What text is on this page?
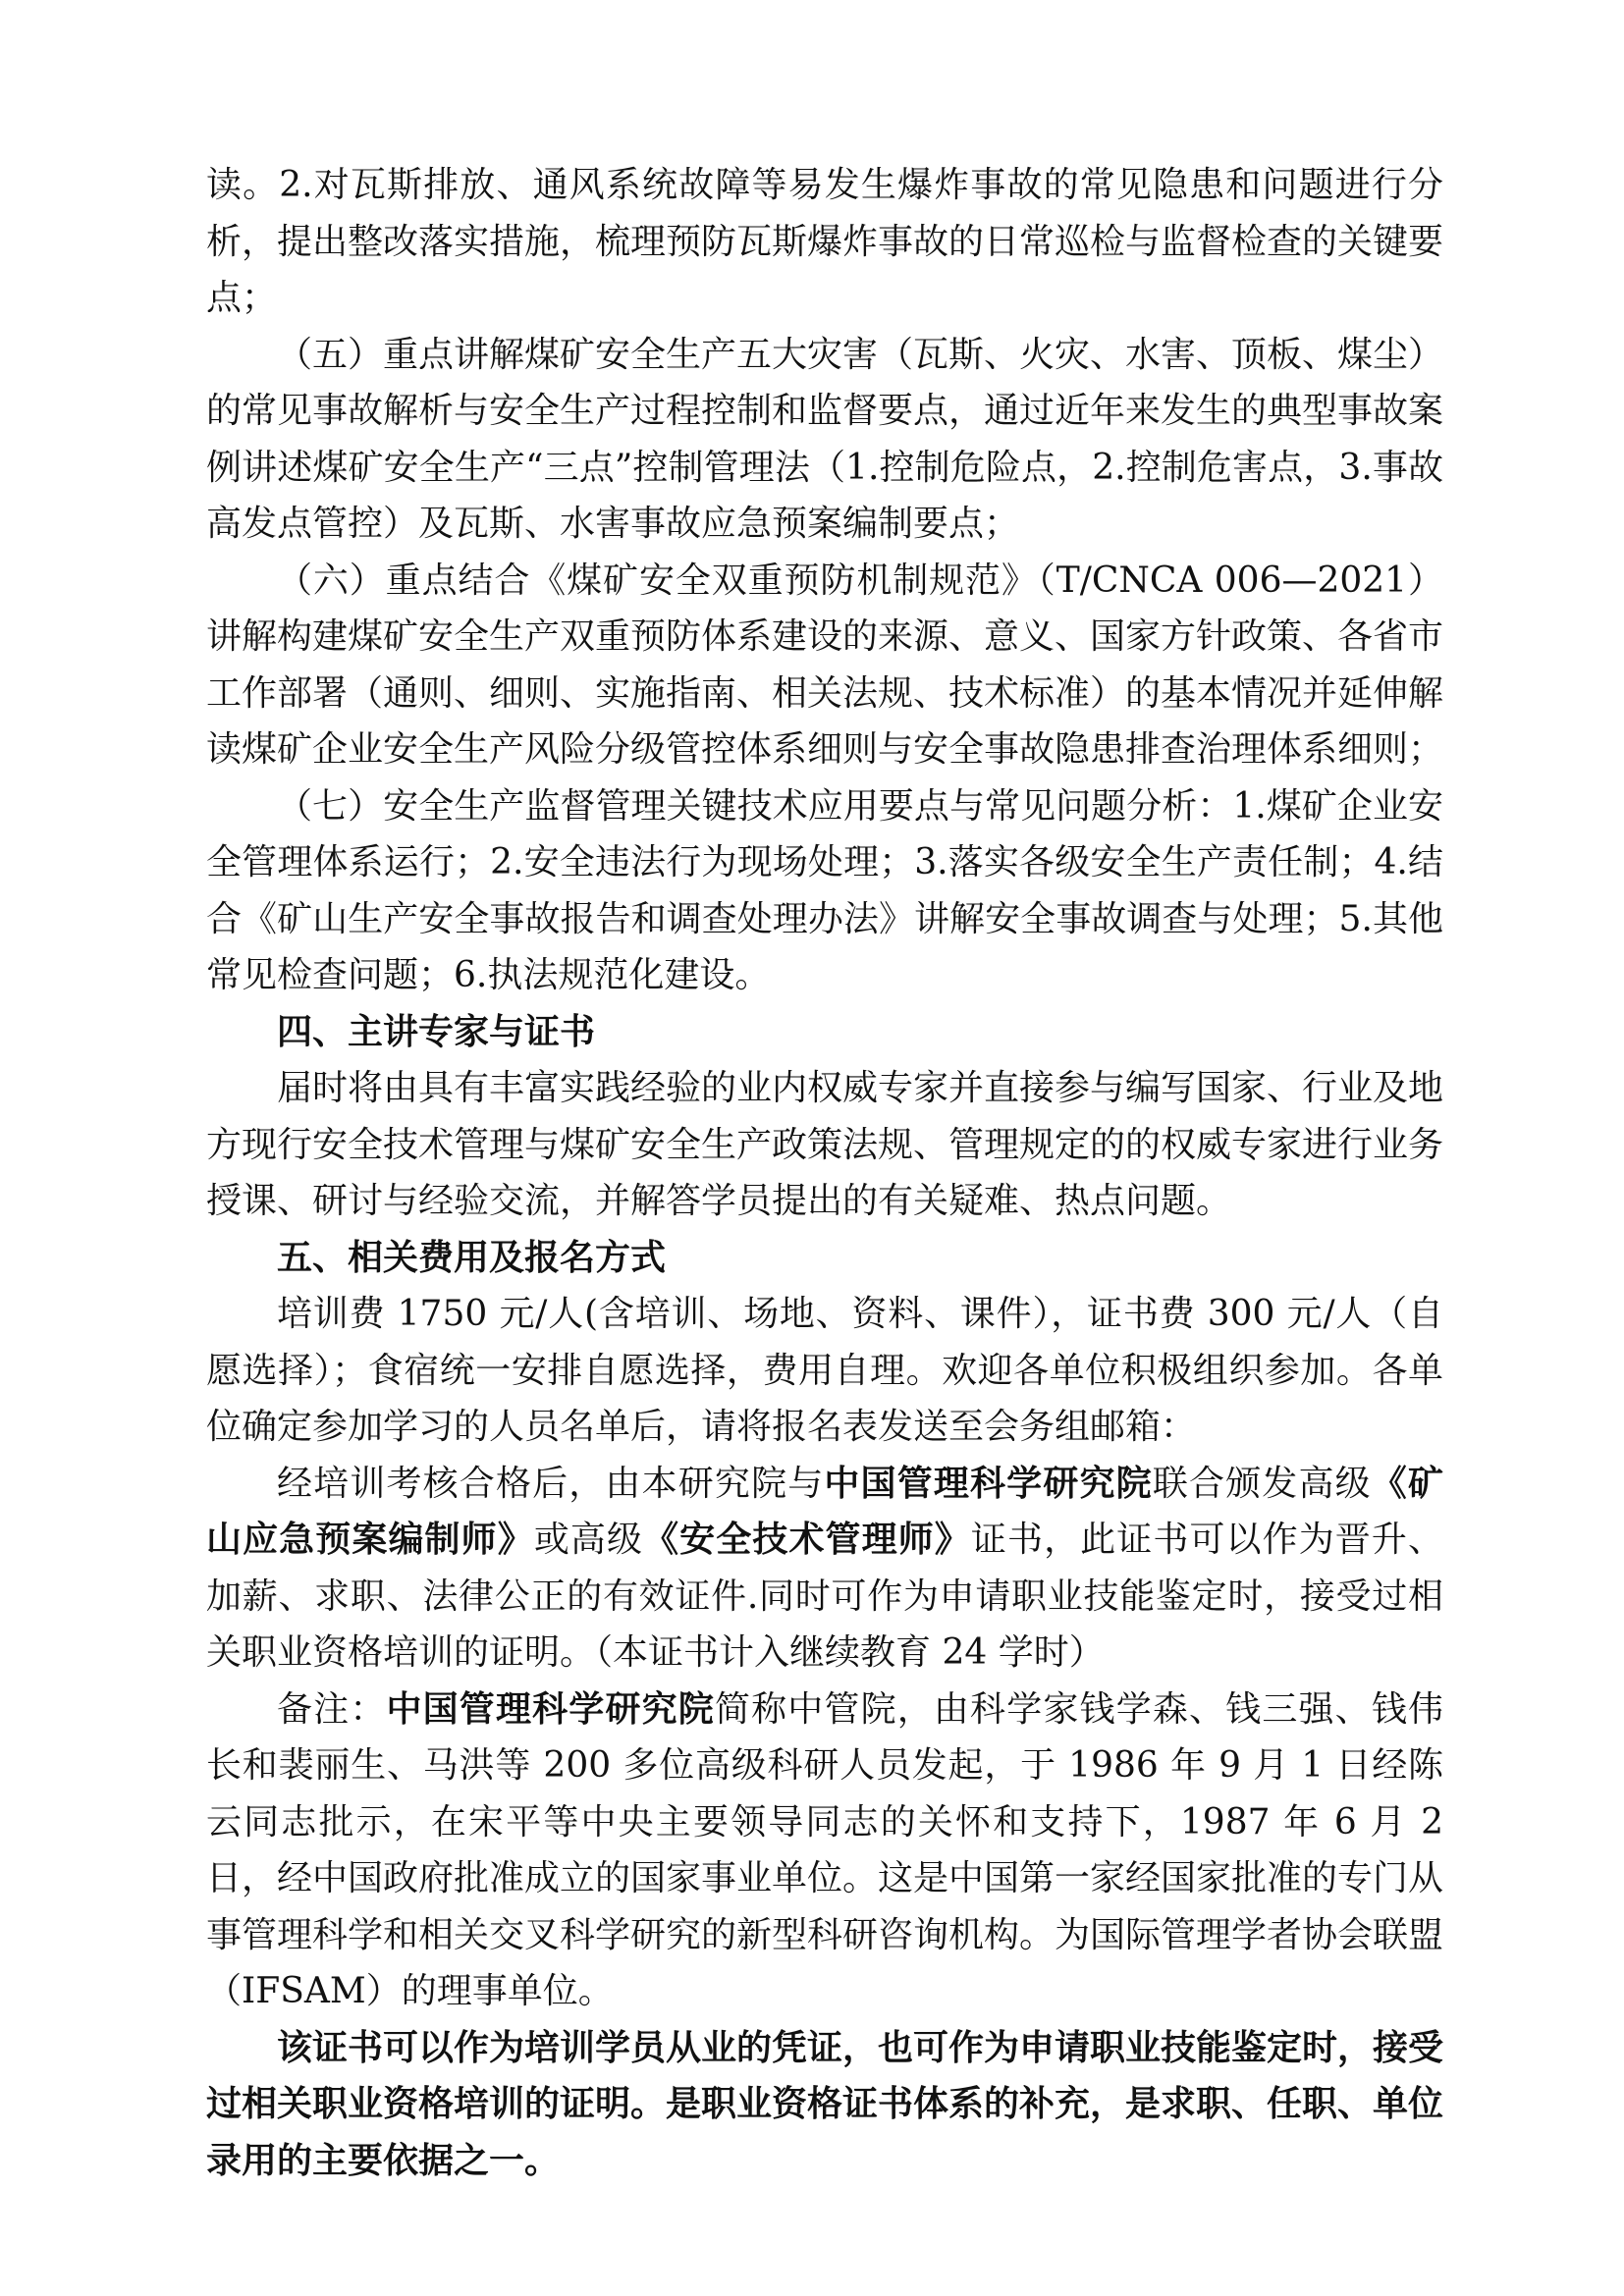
读。2.对瓦斯排放、通风系统故障等易发生爆炸事故的常见隐患和问题进行分析，提出整改落实措施，梳理预防瓦斯爆炸事故的日常巡检与监督检查的关键要点；

（五）重点讲解煤矿安全生产五大灾害（瓦斯、火灾、水害、顶板、煤尘）的常见事故解析与安全生产过程控制和监督要点，通过近年来发生的典型事故案例讲述煤矿安全生产“三点”控制管理法（1.控制危险点，2.控制危害点，3.事故高发点管控）及瓦斯、水害事故应急预案编制要点；

（六）重点结合《煤矿安全双重预防机制规范》（T/CNCA 006—2021）讲解构建煤矿安全生产双重预防体系建设的来源、意义、国家方针政策、各省市工作部署（通则、细则、实施指南、相关法规、技术标准）的基本情况并延伸解读煤矿企业安全生产风险分级管控体系细则与安全事故隐患排查治理体系细则；

（七）安全生产监督管理关键技术应用要点与常见问题分析：1.煤矿企业安全管理体系运行；2.安全违法行为现场处理；3.落实各级安全生产责任制；4.结合《矿山生产安全事故报告和调查处理办法》讲解安全事故调查与处理；5.其他常见检查问题；6.执法规范化建设。

四、主讲专家与证书

届时将由具有丰富实践经验的业内权威专家并直接参与编写国家、行业及地方现行安全技术管理与煤矿安全生产政策法规、管理规定的的权威专家进行业务授课、研讨与经验交流，并解答学员提出的有关疑难、热点问题。

五、相关费用及报名方式

培训费 1750 元/人(含培训、场地、资料、课件），证书费 300 元/人（自愿选择）；食宿统一安排自愿选择，费用自理。欢迎各单位积极组织参加。各单位确定参加学习的人员名单后，请将报名表发送至会务组邮箱：

经培训考核合格后，由本研究院与中国管理科学研究院联合颁发高级《矿山应急预案编制师》或高级《安全技术管理师》证书，此证书可以作为晋升、加薪、求职、法律公正的有效证件.同时可作为申请职业技能鉴定时，接受过相关职业资格培训的证明。（本证书计入继续教育 24 学时）

备注：中国管理科学研究院简称中管院，由科学家钱学森、钱三强、钱伟长和裴丽生、马洪等 200 多位高级科研人员发起，于 1986 年 9 月 1 日经陈云同志批示，在宋平等中央主要领导同志的关怀和支持下，1987 年 6 月 2 日，经中国政府批准成立的国家事业单位。这是中国第一家经国家批准的专门从事管理科学和相关交叉科学研究的新型科研咨询机构。为国际管理学者协会联盟（IFSAM）的理事单位。

该证书可以作为培训学员从业的凭证，也可作为申请职业技能鉴定时，接受过相关职业资格培训的证明。是职业资格证书体系的补充，是求职、任职、单位录用的主要依据之一。
